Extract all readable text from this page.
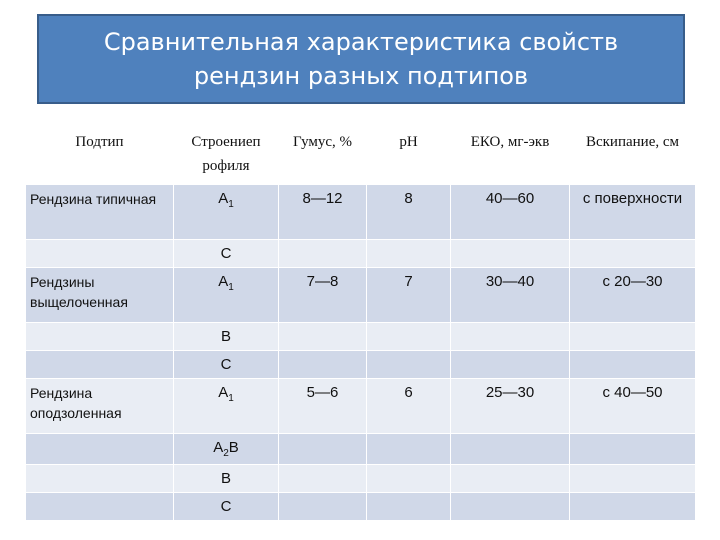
Сравнительная характеристика свойств
рендзин разных подтипов
Подтип	Строениеп рофиля	Гумус, %	pH	ЕКО, мг-экв	Вскипание, см
Рендзина типичная	$A_1$	8—12	8	40—60	с поверхности
	C				
Рендзины выщелоченная	$A_1$	7—8	7	30—40	с 20—30
	B				
	C				
Рендзина оподзоленная	$A_1$	5—6	6	25—30	с 40—50
	$A_2B$				
	B				
	C				
